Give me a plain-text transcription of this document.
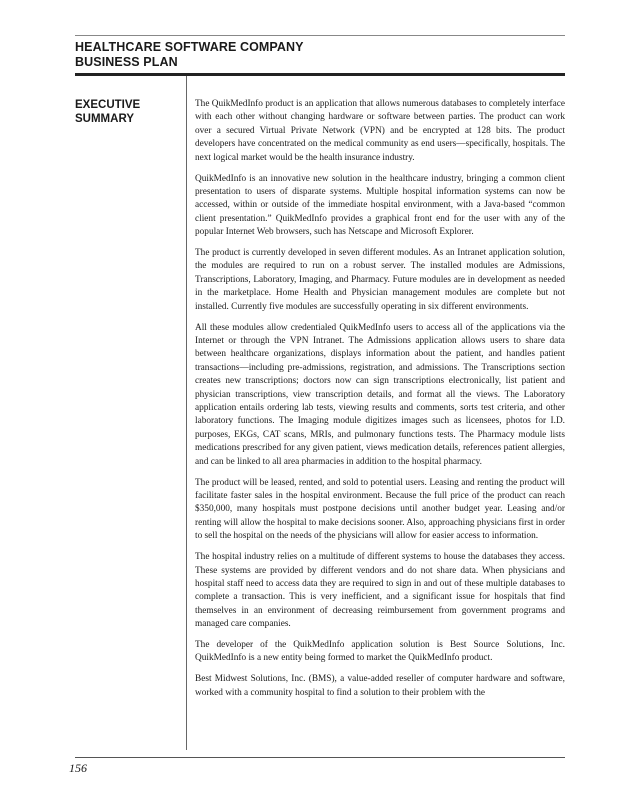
HEALTHCARE SOFTWARE COMPANY
BUSINESS PLAN
EXECUTIVE
SUMMARY

The QuikMedInfo product is an application that allows numerous databases to completely interface with each other without changing hardware or software between parties. The product can work over a secured Virtual Private Network (VPN) and be encrypted at 128 bits. The product developers have concentrated on the medical community as end users—specifically, hospitals. The next logical market would be the health insurance industry.

QuikMedInfo is an innovative new solution in the healthcare industry, bringing a common client presentation to users of disparate systems. Multiple hospital information systems can now be accessed, within or outside of the immediate hospital environment, with a Java-based “common client presentation.” QuikMedInfo provides a graphical front end for the user with any of the popular Internet Web browsers, such has Netscape and Microsoft Explorer.

The product is currently developed in seven different modules. As an Intranet application solution, the modules are required to run on a robust server. The installed modules are Admissions, Transcriptions, Laboratory, Imaging, and Pharmacy. Future modules are in development as needed in the marketplace. Home Health and Physician management modules are complete but not installed. Currently five modules are successfully operating in six different environments.

All these modules allow credentialed QuikMedInfo users to access all of the applications via the Internet or through the VPN Intranet. The Admissions application allows users to share data between healthcare organizations, displays information about the patient, and handles patient transactions—including pre-admissions, registration, and admissions. The Transcriptions section creates new transcriptions; doctors now can sign transcriptions electronically, list patient and physician transcriptions, view transcription details, and format all the views. The Laboratory application entails ordering lab tests, viewing results and comments, sorts test criteria, and other laboratory functions. The Imaging module digitizes images such as licensees, photos for I.D. purposes, EKGs, CAT scans, MRIs, and pulmonary functions tests. The Pharmacy module lists medications prescribed for any given patient, views medication details, references patient allergies, and can be linked to all area pharmacies in addition to the hospital pharmacy.

The product will be leased, rented, and sold to potential users. Leasing and renting the product will facilitate faster sales in the hospital environment. Because the full price of the product can reach $350,000, many hospitals must postpone decisions until another budget year. Leasing and/or renting will allow the hospital to make decisions sooner. Also, approaching physicians first in order to sell the hospital on the needs of the physicians will allow for easier access to information.

The hospital industry relies on a multitude of different systems to house the databases they access. These systems are provided by different vendors and do not share data. When physicians and hospital staff need to access data they are required to sign in and out of these multiple databases to complete a transaction. This is very inefficient, and a significant issue for hospitals that find themselves in an environment of decreasing reimbursement from government programs and managed care companies.

The developer of the QuikMedInfo application solution is Best Source Solutions, Inc. QuikMedInfo is a new entity being formed to market the QuikMedInfo product.

Best Midwest Solutions, Inc. (BMS), a value-added reseller of computer hardware and software, worked with a community hospital to find a solution to their problem with the

156
